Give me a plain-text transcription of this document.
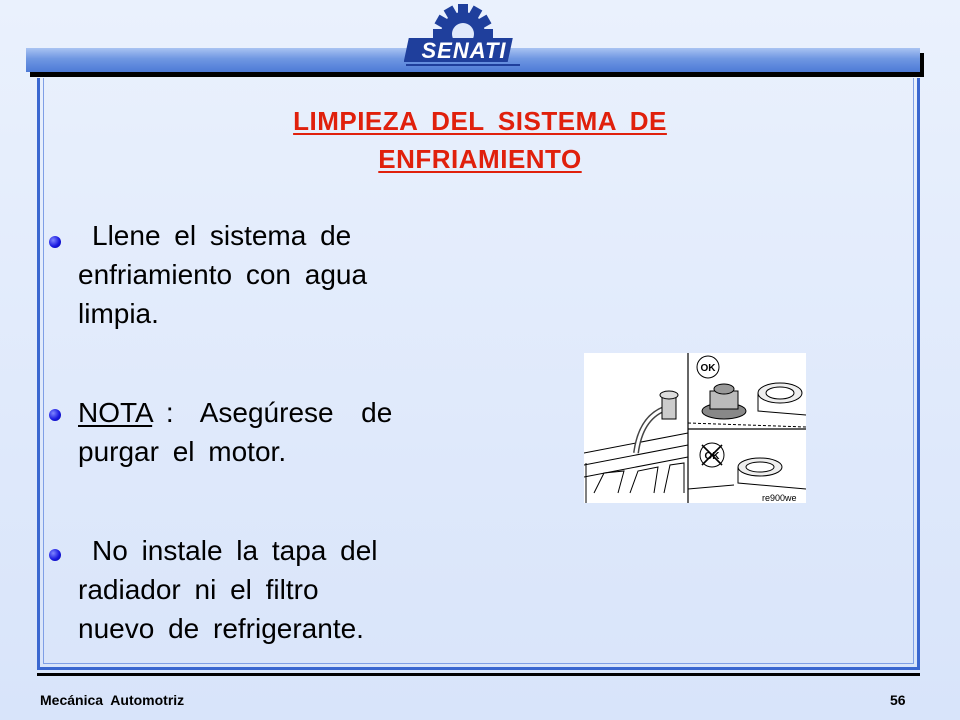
SENATI
LIMPIEZA DEL SISTEMA DE
ENFRIAMIENTO
Llene el sistema de
enfriamiento con agua
limpia.
NOTA :  Asegúrese  de
purgar el motor.
No instale la tapa del
radiador ni el filtro
nuevo de refrigerante.
OK
OK
re900we
Mecánica  Automotriz	56
